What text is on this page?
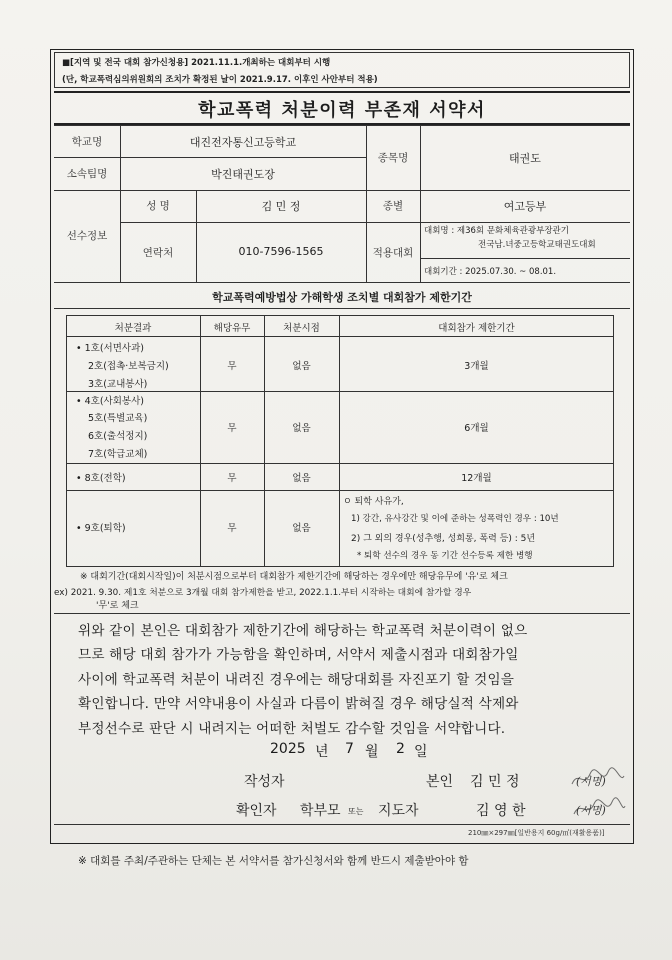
■[지역 및 전국 대회 참가신청용] 2021.11.1.개최하는 대회부터 시행
(단, 학교폭력심의위원회의 조치가 확정된 날이 2021.9.17. 이후인 사안부터 적용)
학교폭력 처분이력 부존재 서약서
학교명	대진전자통신고등학교
소속팀명	박진태권도장
종목명	태권도
선수정보
성 명	김 민 정	종별	여고등부
연락처	010-7596-1565	적용대회
대회명 : 제36회 문화체육관광부장관기
전국남.녀중고등학교태권도대회
대회기간 : 2025.07.30. ~ 08.01.
학교폭력예방법상 가해학생 조치별 대회참가 제한기간
처분결과	해당유무	처분시점	대회참가 제한기간
• 1호(서면사과)
2호(접촉·보복금지)
3호(교내봉사)
무	없음	3개월
• 4호(사회봉사)
5호(특별교육)
6호(출석정지)
7호(학급교체)
무	없음	6개월
• 8호(전학)	무	없음	12개월
• 9호(퇴학)	무	없음
ㅇ 퇴학 사유가,
1) 강간, 유사강간 및 이에 준하는 성폭력인 경우 : 10년
2) 그 외의 경우(성추행, 성희롱, 폭력 등) : 5년
* 퇴학 선수의 경우 동 기간 선수등록 제한 병행
※ 대회기간(대회시작일)이 처분시점으로부터 대회참가 제한기간에 해당하는 경우에만 해당유무에 '유'로 체크
ex) 2021. 9.30. 제1호 처분으로 3개월 대회 참가제한을 받고, 2022.1.1.부터 시작하는 대회에 참가할 경우
'무'로 체크
위와 같이 본인은 대회참가 제한기간에 해당하는 학교폭력 처분이력이 없으
므로 해당 대회 참가가 가능함을 확인하며, 서약서 제출시점과 대회참가일
사이에 학교폭력 처분이 내려진 경우에는 해당대회를 자진포기 할 것임을
확인합니다. 만약 서약내용이 사실과 다름이 밝혀질 경우 해당실적 삭제와
부정선수로 판단 시 내려지는 어떠한 처벌도 감수할 것임을 서약합니다.
2025 년 7 월 2 일
작성자	본인 김 민 정	(서명)
확인자 학부모 또는 지도자	김 영 한	(서명)
210㎜×297㎜[일반용지 60g/㎡(재활용품)]
※ 대회를 주최/주관하는 단체는 본 서약서를 참가신청서와 함께 반드시 제출받아야 함
